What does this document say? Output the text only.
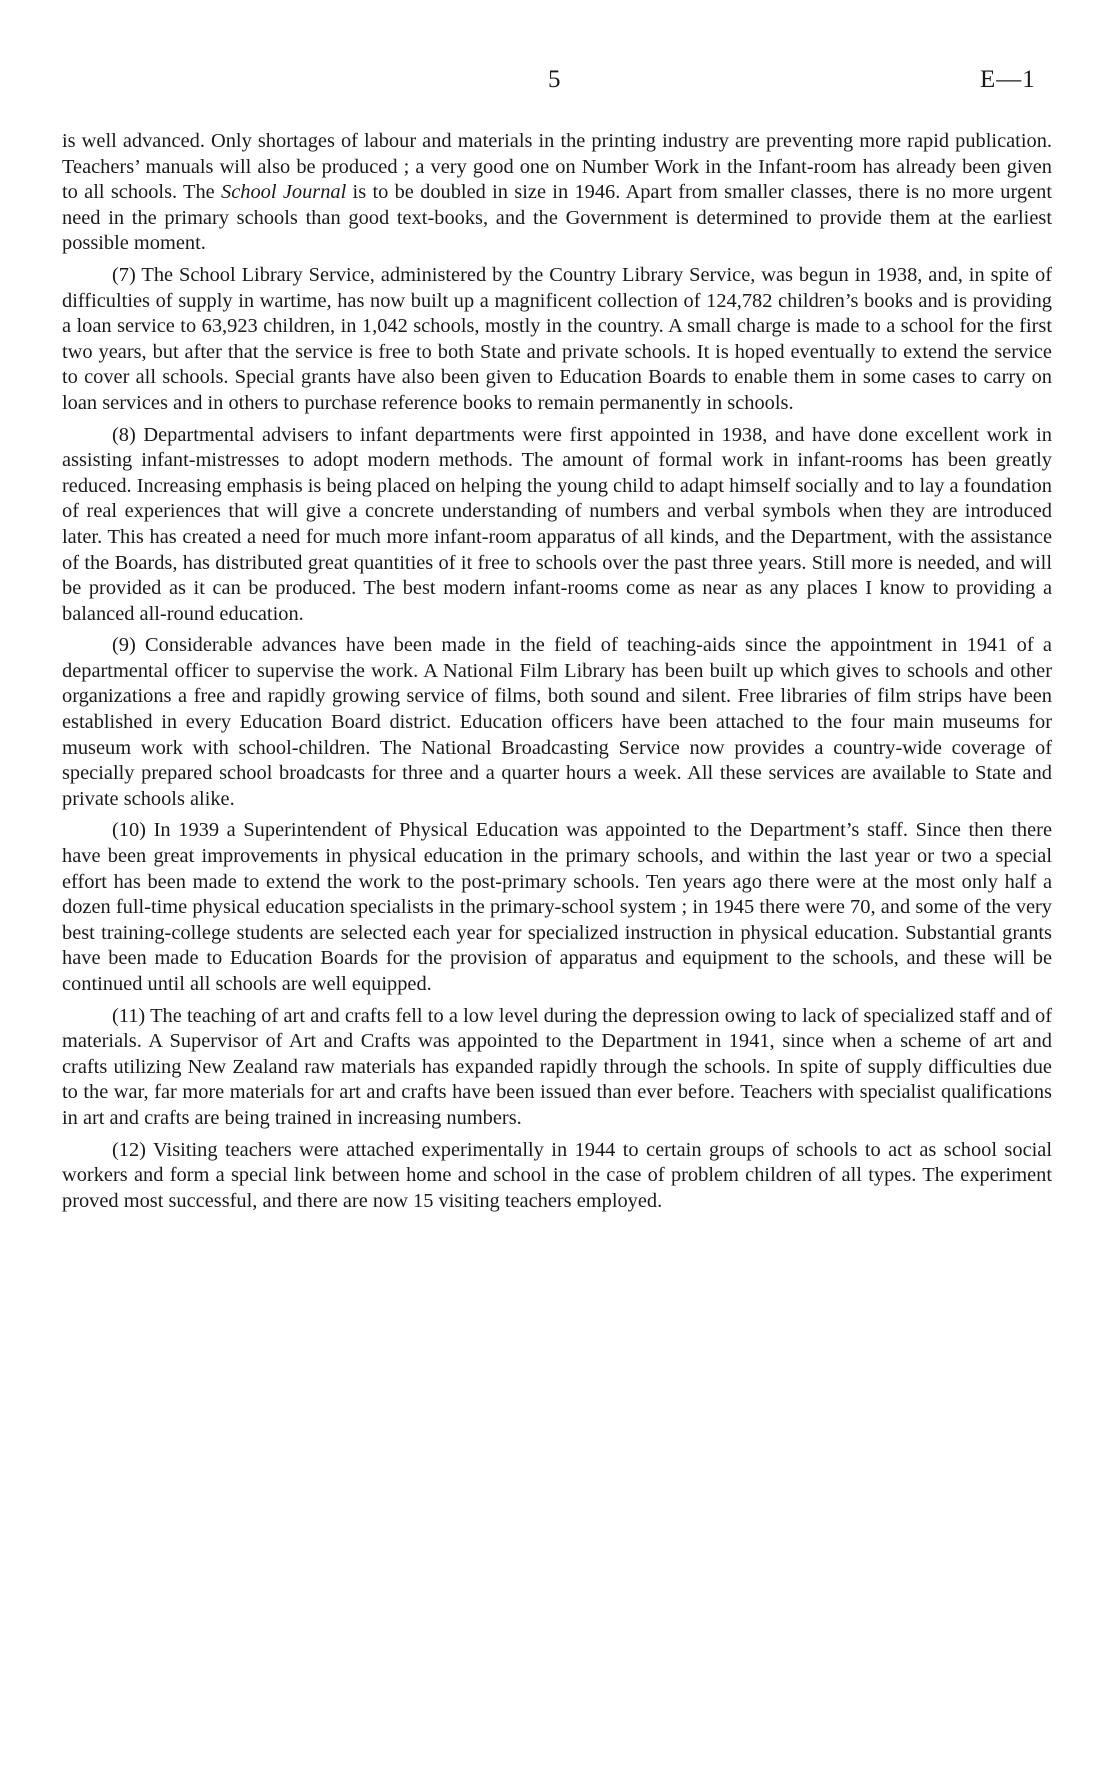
5	E—1

is well advanced. Only shortages of labour and materials in the printing industry are preventing more rapid publication. Teachers’ manuals will also be produced ; a very good one on Number Work in the Infant-room has already been given to all schools. The School Journal is to be doubled in size in 1946. Apart from smaller classes, there is no more urgent need in the primary schools than good text-books, and the Government is determined to provide them at the earliest possible moment.

(7) The School Library Service, administered by the Country Library Service, was begun in 1938, and, in spite of difficulties of supply in wartime, has now built up a magnificent collection of 124,782 children’s books and is providing a loan service to 63,923 children, in 1,042 schools, mostly in the country. A small charge is made to a school for the first two years, but after that the service is free to both State and private schools. It is hoped eventually to extend the service to cover all schools. Special grants have also been given to Education Boards to enable them in some cases to carry on loan services and in others to purchase reference books to remain permanently in schools.

(8) Departmental advisers to infant departments were first appointed in 1938, and have done excellent work in assisting infant-mistresses to adopt modern methods. The amount of formal work in infant-rooms has been greatly reduced. Increasing emphasis is being placed on helping the young child to adapt himself socially and to lay a foundation of real experiences that will give a concrete understanding of numbers and verbal symbols when they are introduced later. This has created a need for much more infant-room apparatus of all kinds, and the Department, with the assistance of the Boards, has distributed great quantities of it free to schools over the past three years. Still more is needed, and will be provided as it can be produced. The best modern infant-rooms come as near as any places I know to providing a balanced all-round education.

(9) Considerable advances have been made in the field of teaching-aids since the appointment in 1941 of a departmental officer to supervise the work. A National Film Library has been built up which gives to schools and other organizations a free and rapidly growing service of films, both sound and silent. Free libraries of film strips have been established in every Education Board district. Education officers have been attached to the four main museums for museum work with school-children. The National Broadcasting Service now provides a country-wide coverage of specially prepared school broadcasts for three and a quarter hours a week. All these services are available to State and private schools alike.

(10) In 1939 a Superintendent of Physical Education was appointed to the Department’s staff. Since then there have been great improvements in physical education in the primary schools, and within the last year or two a special effort has been made to extend the work to the post-primary schools. Ten years ago there were at the most only half a dozen full-time physical education specialists in the primary-school system ; in 1945 there were 70, and some of the very best training-college students are selected each year for specialized instruction in physical education. Substantial grants have been made to Education Boards for the provision of apparatus and equipment to the schools, and these will be continued until all schools are well equipped.

(11) The teaching of art and crafts fell to a low level during the depression owing to lack of specialized staff and of materials. A Supervisor of Art and Crafts was appointed to the Department in 1941, since when a scheme of art and crafts utilizing New Zealand raw materials has expanded rapidly through the schools. In spite of supply difficulties due to the war, far more materials for art and crafts have been issued than ever before. Teachers with specialist qualifications in art and crafts are being trained in increasing numbers.

(12) Visiting teachers were attached experimentally in 1944 to certain groups of schools to act as school social workers and form a special link between home and school in the case of problem children of all types. The experiment proved most successful, and there are now 15 visiting teachers employed.
